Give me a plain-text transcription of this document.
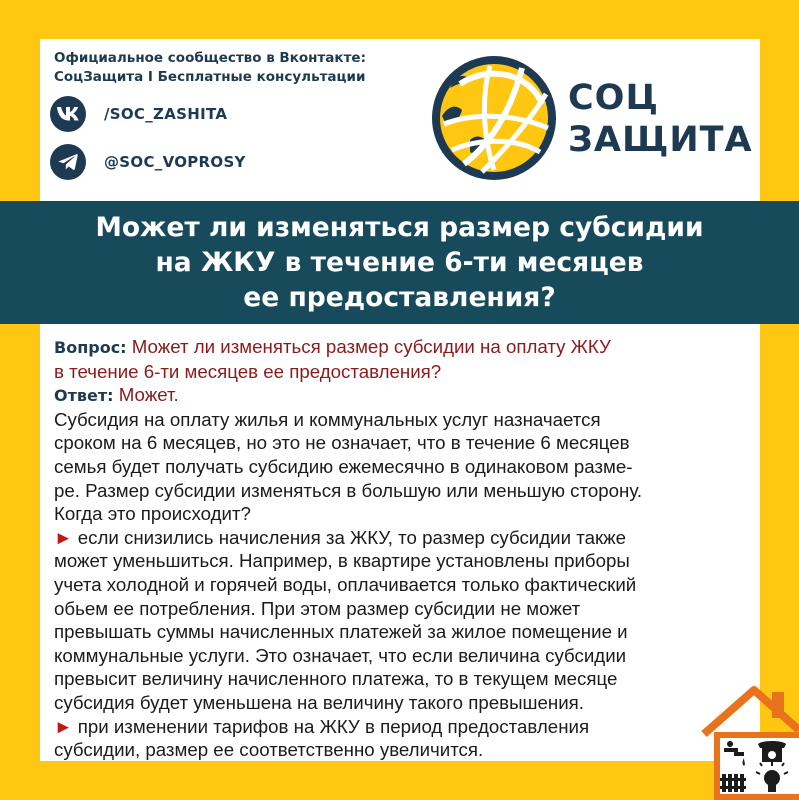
Официальное сообщество в Вконтакте:
СоцЗащита I Бесплатные консультации
/SOC_ZASHITA
@SOC_VOPROSY
СОЦ
ЗАЩИТА
Может ли изменяться размер субсидии
на ЖКУ в течение 6-ти месяцев
ее предоставления?

Вопрос: Может ли изменяться размер субсидии на оплату ЖКУ

в течение 6-ти месяцев ее предоставления?

Ответ: Может.

Субсидия на оплату жилья и коммунальных услуг назначается

сроком на 6 месяцев, но это не означает, что в течение 6 месяцев

семья будет получать субсидию ежемесячно в одинаковом разме-

ре. Размер субсидии изменяться в большую или меньшую сторону.

Когда это происходит?

► если снизились начисления за ЖКУ, то размер субсидии также

может уменьшиться. Например, в квартире установлены приборы

учета холодной и горячей воды, оплачивается только фактический

обьем ее потребления. При этом размер субсидии не может

превышать суммы начисленных платежей за жилое помещение и

коммунальные услуги. Это означает, что если величина субсидии

превысит величину начисленного платежа, то в текущем месяце

субсидия будет уменьшена на величину такого превышения.

► при изменении тарифов на ЖКУ в период предоставления

субсидии, размер ее соответственно увеличится.
